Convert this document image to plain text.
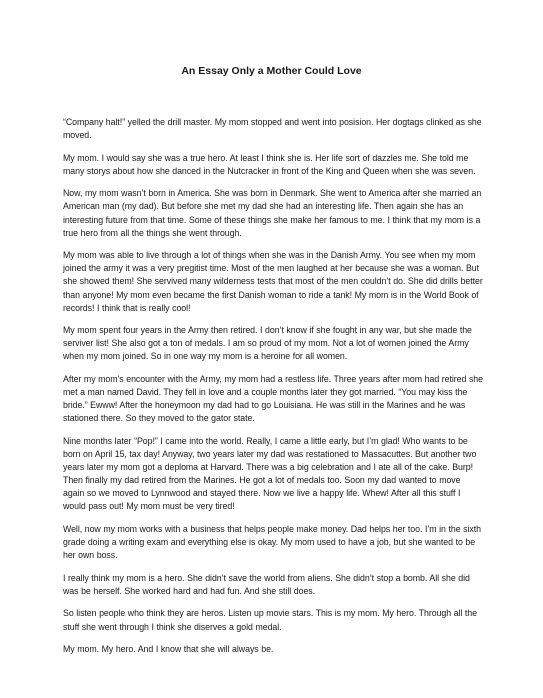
An Essay Only a Mother Could Love

“Company halt!” yelled the drill master. My mom stopped and went into posision. Her dogtags clinked as she moved.

My mom. I would say she was a true hero. At least I think she is. Her life sort of dazzles me. She told me many storys about how she danced in the Nutcracker in front of the King and Queen when she was seven.

Now, my mom wasn’t born in America. She was born in Denmark. She went to America after she married an American man (my dad). But before she met my dad she had an interesting life. Then again she has an interesting future from that time. Some of these things she make her famous to me. I think that my mom is a true hero from all the things she went through.

My mom was able to live through a lot of things when she was in the Danish Army. You see when my mom joined the army it was a very pregitist time. Most of the men laughed at her because she was a woman. But she showed them! She servived many wilderness tests that most of the men couldn’t do. She did drills better than anyone! My mom even became the first Danish woman to ride a tank! My mom is in the World Book of records! I think that is really cool!

My mom spent four years in the Army then retired. I don’t know if she fought in any war, but she made the serviver list! She also got a ton of medals. I am so proud of my mom. Not a lot of women joined the Army when my mom joined. So in one way my mom is a heroine for all women.

After my mom’s encounter with the Army, my mom had a restless life. Three years after mom had retired she met a man named David. They fell in love and a couple months later they got married. “You may kiss the bride.” Ewww! After the honeymoon my dad had to go Louisiana. He was still in the Marines and he was stationed there. So they moved to the gator state.

Nine months later “Pop!” I came into the world. Really, I came a little early, but I’m glad! Who wants to be born on April 15, tax day! Anyway, two years later my dad was restationed to Massacuttes. But another two years later my mom got a deploma at Harvard. There was a big celebration and I ate all of the cake. Burp! Then finally my dad retired from the Marines. He got a lot of medals too. Soon my dad wanted to move again so we moved to Lynnwood and stayed there. Now we live a happy life. Whew! After all this stuff I would pass out! My mom must be very tired!

Well, now my mom works with a business that helps people make money. Dad helps her too. I’m in the sixth grade doing a writing exam and everything else is okay. My mom used to have a job, but she wanted to be her own boss.

I really think my mom is a hero. She didn’t save the world from aliens. She didn’t stop a bomb. All she did was be herself. She worked hard and had fun. And she still does.

So listen people who think they are heros. Listen up movie stars. This is my mom. My hero. Through all the stuff she went through I think she diserves a gold medal.

My mom. My hero. And I know that she will always be.
